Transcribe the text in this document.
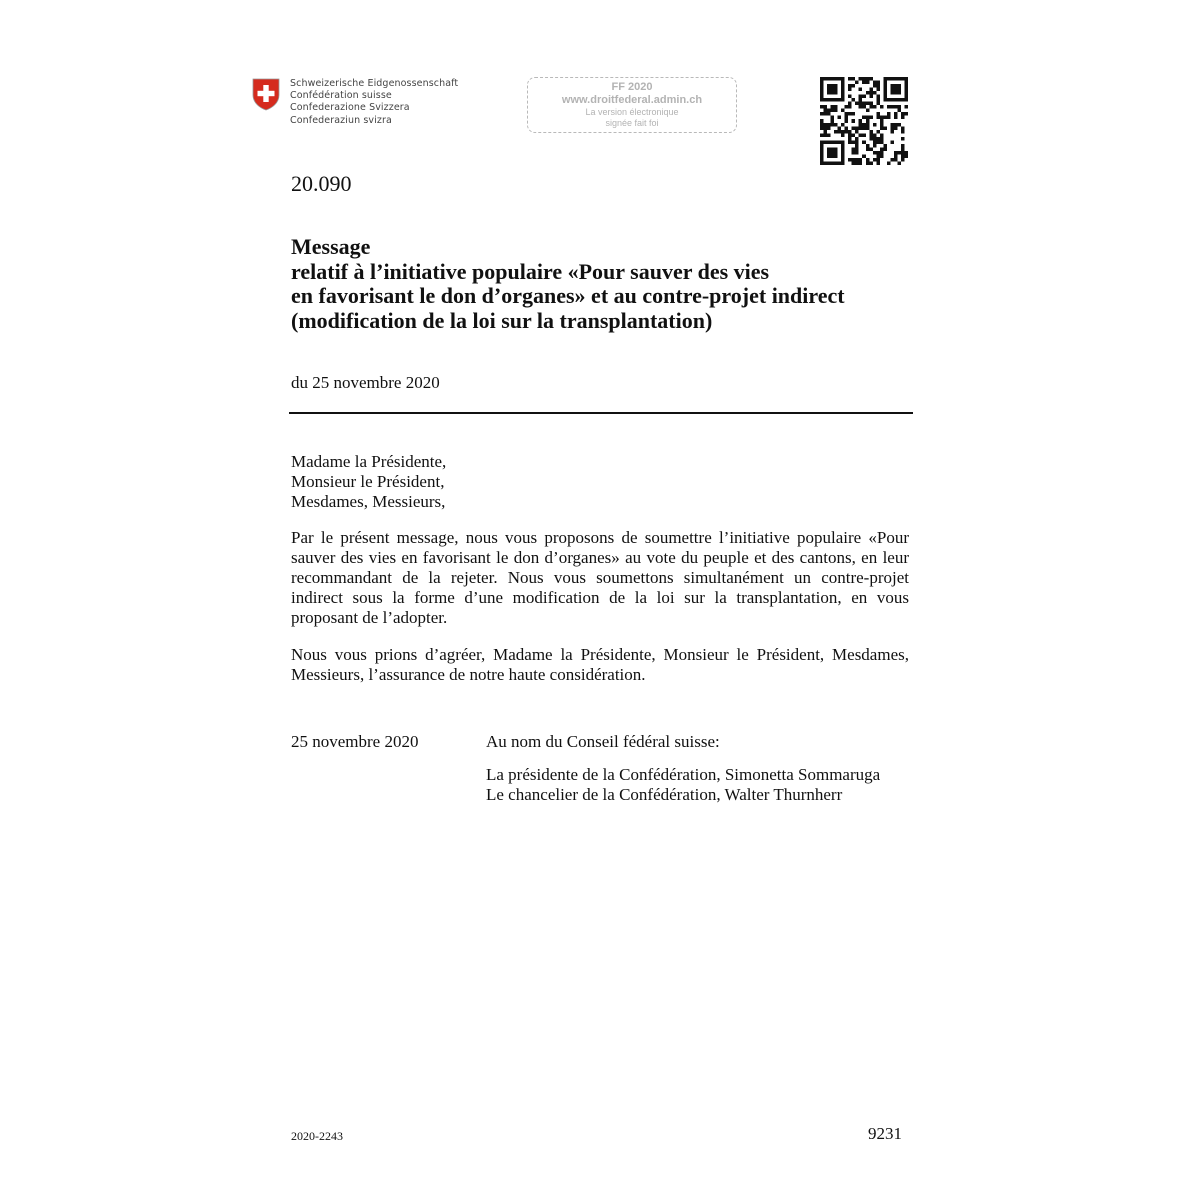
Schweizerische Eidgenossenschaft
Confédération suisse
Confederazione Svizzera
Confederaziun svizra
FF 2020
www.droitfederal.admin.ch
La version électronique
signée fait foi
20.090
Message
relatif à l’initiative populaire «Pour sauver des vies
en favorisant le don d’organes» et au contre-projet indirect
(modification de la loi sur la transplantation)
du 25 novembre 2020
Madame la Présidente,
Monsieur le Président,
Mesdames, Messieurs,
Par le présent message, nous vous proposons de soumettre l’initiative populaire «Pour sauver des vies en favorisant le don d’organes» au vote du peuple et des cantons, en leur recommandant de la rejeter. Nous vous soumettons simultanément un contre-projet indirect sous la forme d’une modification de la loi sur la transplantation, en vous proposant de l’adopter.
Nous vous prions d’agréer, Madame la Présidente, Monsieur le Président, Mesdames, Messieurs, l’assurance de notre haute considération.
25 novembre 2020	Au nom du Conseil fédéral suisse:
La présidente de la Confédération, Simonetta Sommaruga
Le chancelier de la Confédération, Walter Thurnherr
2020-2243	9231
